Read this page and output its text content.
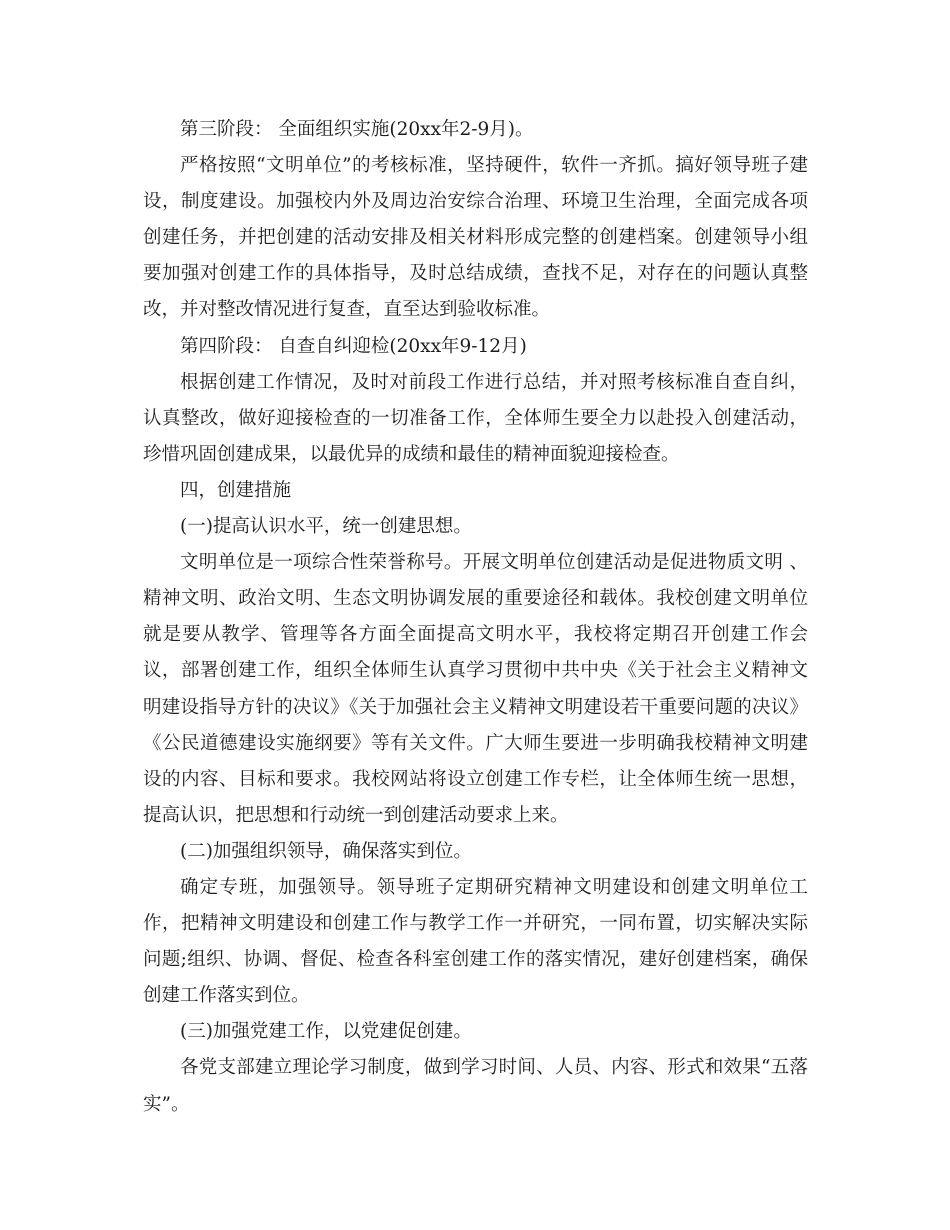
第三阶段： 全面组织实施(20xx年2-9月)。

严格按照“文明单位”的考核标准，坚持硬件，软件一齐抓。搞好领导班子建设，制度建设。加强校内外及周边治安综合治理、环境卫生治理，全面完成各项创建任务，并把创建的活动安排及相关材料形成完整的创建档案。创建领导小组要加强对创建工作的具体指导，及时总结成绩，查找不足，对存在的问题认真整改，并对整改情况进行复查，直至达到验收标准。

第四阶段： 自查自纠迎检(20xx年9-12月)

根据创建工作情况，及时对前段工作进行总结，并对照考核标准自查自纠，认真整改，做好迎接检查的一切准备工作，全体师生要全力以赴投入创建活动，珍惜巩固创建成果，以最优异的成绩和最佳的精神面貌迎接检查。

四，创建措施

(一)提高认识水平，统一创建思想。

文明单位是一项综合性荣誉称号。开展文明单位创建活动是促进物质文明 、精神文明、政治文明、生态文明协调发展的重要途径和载体。我校创建文明单位就是要从教学、管理等各方面全面提高文明水平，我校将定期召开创建工作会议，部署创建工作，组织全体师生认真学习贯彻中共中央《关于社会主义精神文明建设指导方针的决议》《关于加强社会主义精神文明建设若干重要问题的决议》《公民道德建设实施纲要》等有关文件。广大师生要进一步明确我校精神文明建设的内容、目标和要求。我校网站将设立创建工作专栏，让全体师生统一思想，提高认识，把思想和行动统一到创建活动要求上来。

(二)加强组织领导，确保落实到位。

确定专班，加强领导。领导班子定期研究精神文明建设和创建文明单位工作，把精神文明建设和创建工作与教学工作一并研究，一同布置，切实解决实际问题;组织、协调、督促、检查各科室创建工作的落实情况，建好创建档案，确保创建工作落实到位。

(三)加强党建工作，以党建促创建。

各党支部建立理论学习制度，做到学习时间、人员、内容、形式和效果“五落实”。
